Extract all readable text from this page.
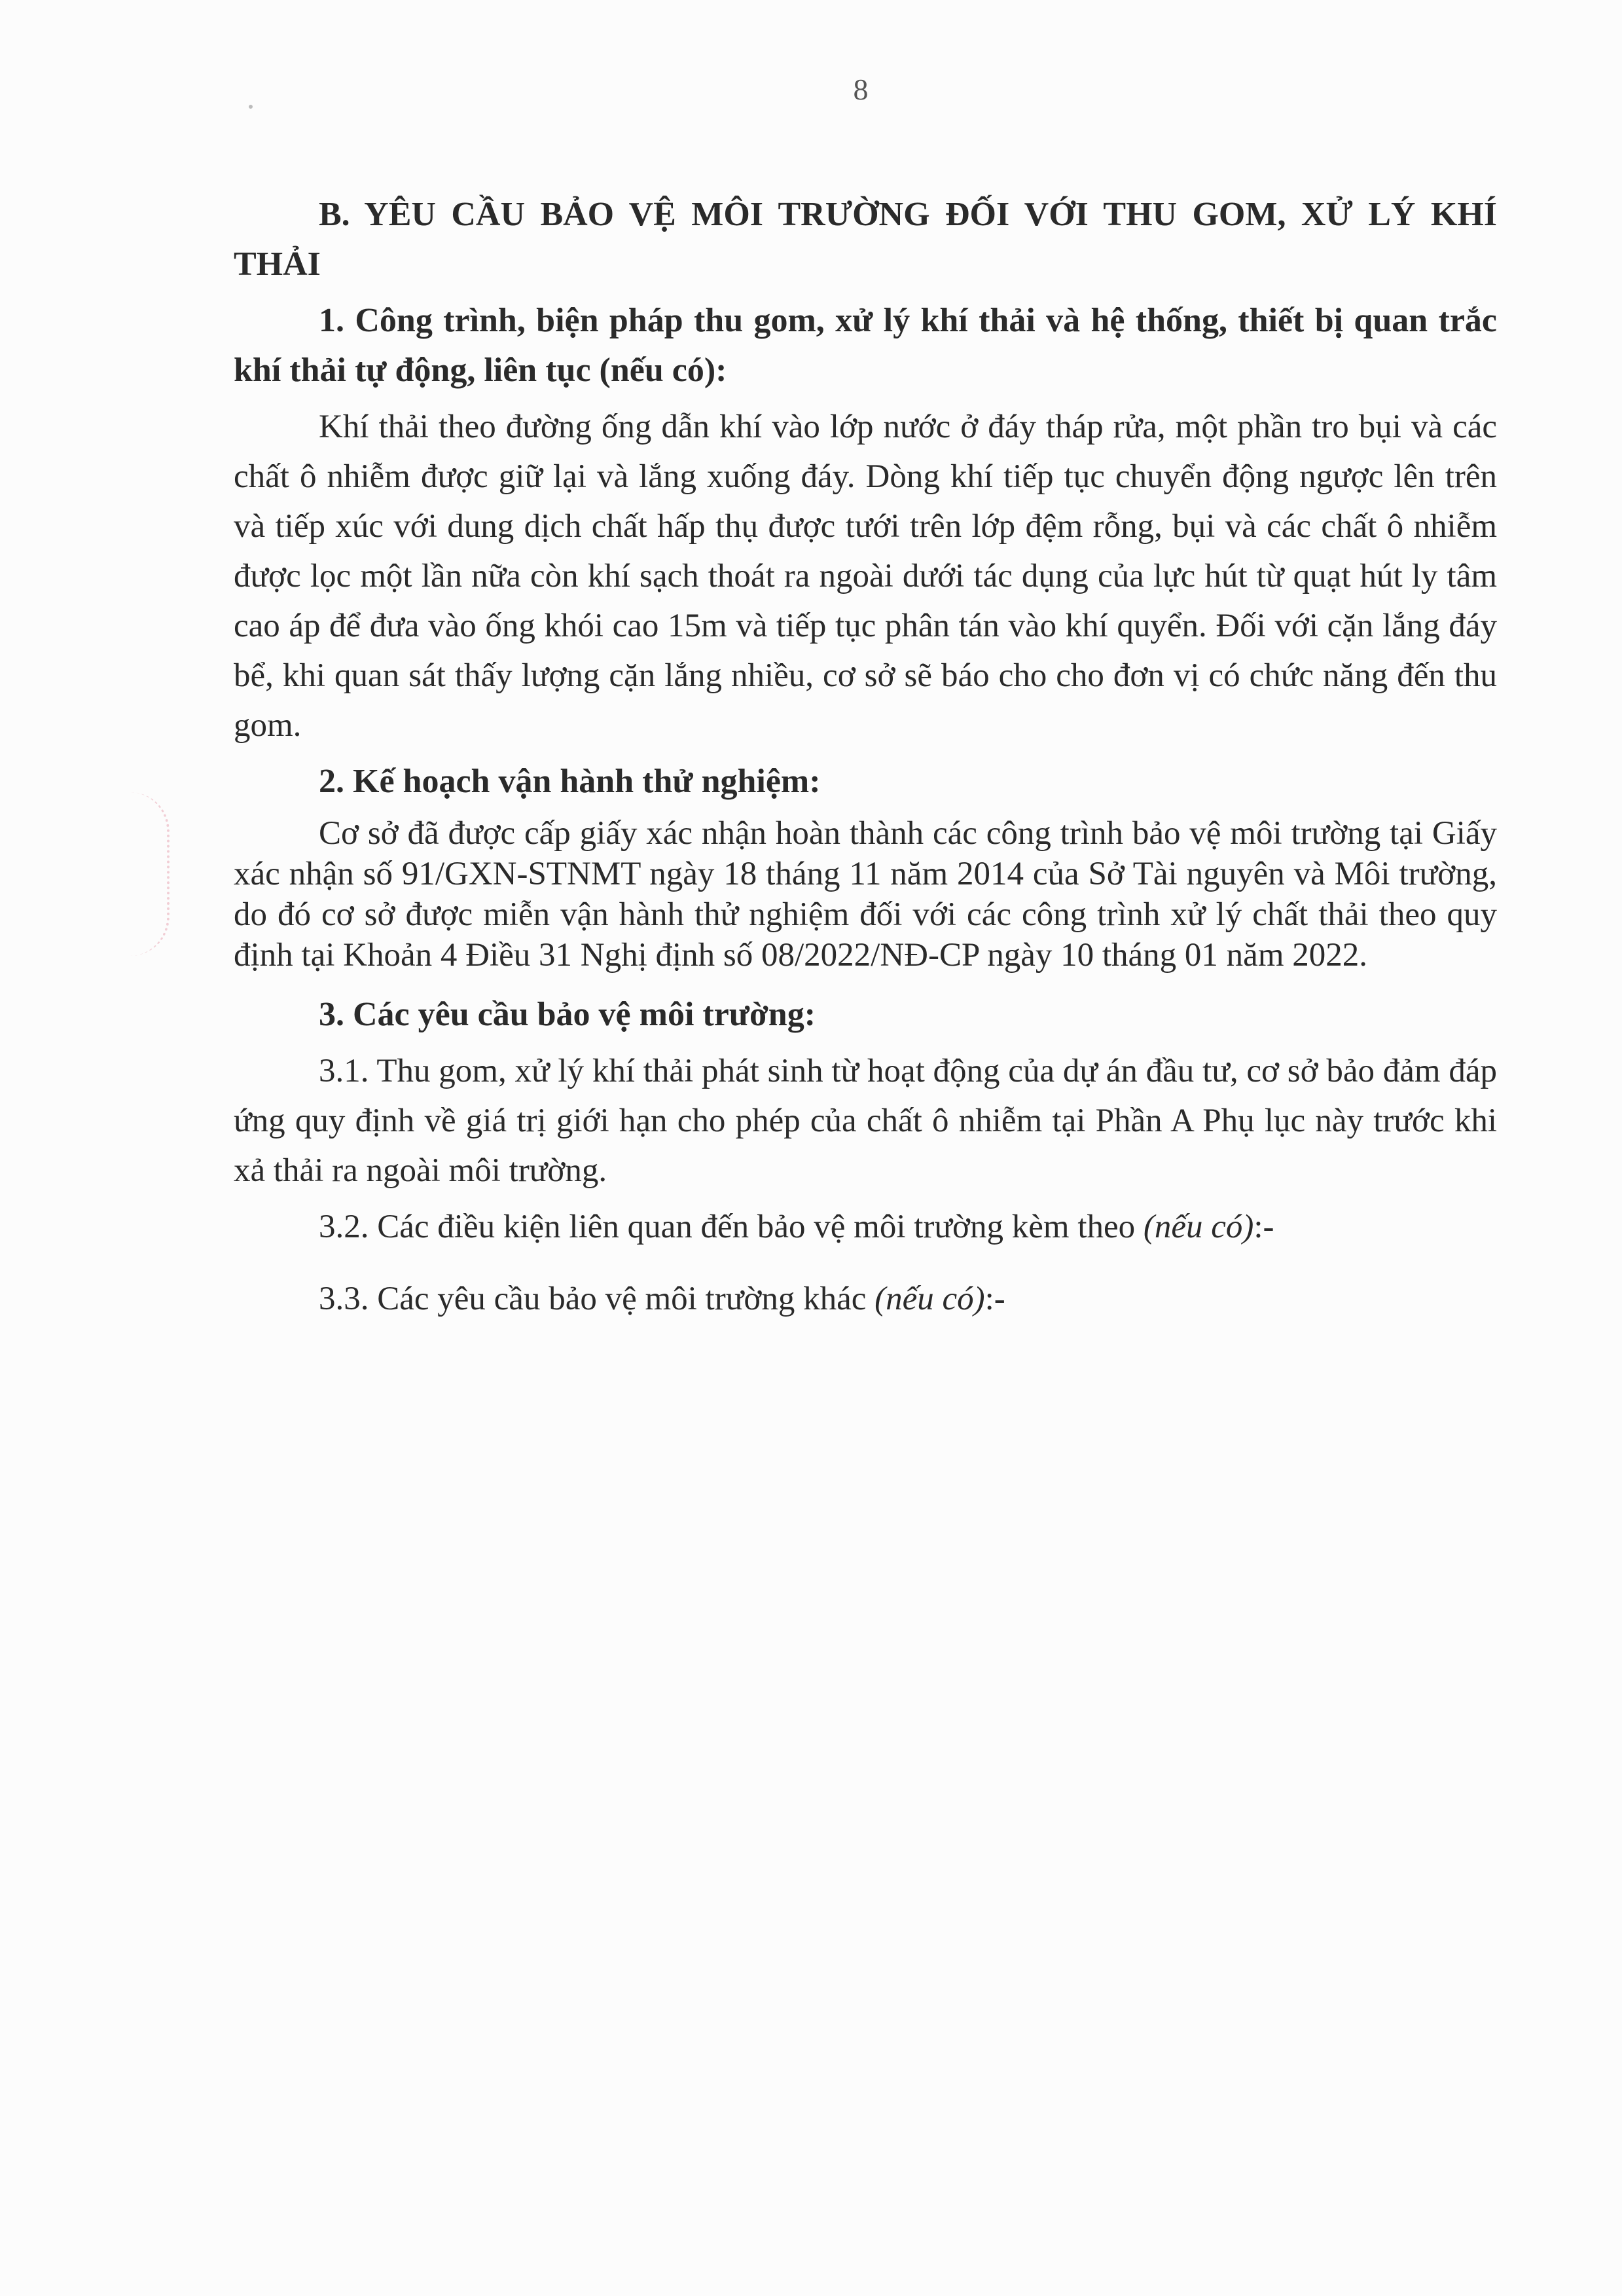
8

B. YÊU CẦU BẢO VỆ MÔI TRƯỜNG ĐỐI VỚI THU GOM, XỬ LÝ KHÍ THẢI

1. Công trình, biện pháp thu gom, xử lý khí thải và hệ thống, thiết bị quan trắc khí thải tự động, liên tục (nếu có):

Khí thải theo đường ống dẫn khí vào lớp nước ở đáy tháp rửa, một phần tro bụi và các chất ô nhiễm được giữ lại và lắng xuống đáy. Dòng khí tiếp tục chuyển động ngược lên trên và tiếp xúc với dung dịch chất hấp thụ được tưới trên lớp đệm rỗng, bụi và các chất ô nhiễm được lọc một lần nữa còn khí sạch thoát ra ngoài dưới tác dụng của lực hút từ quạt hút ly tâm cao áp để đưa vào ống khói cao 15m và tiếp tục phân tán vào khí quyển. Đối với cặn lắng đáy bể, khi quan sát thấy lượng cặn lắng nhiều, cơ sở sẽ báo cho cho đơn vị có chức năng đến thu gom.

2. Kế hoạch vận hành thử nghiệm:

Cơ sở đã được cấp giấy xác nhận hoàn thành các công trình bảo vệ môi trường tại Giấy xác nhận số 91/GXN-STNMT ngày 18 tháng 11 năm 2014 của Sở Tài nguyên và Môi trường, do đó cơ sở được miễn vận hành thử nghiệm đối với các công trình xử lý chất thải theo quy định tại Khoản 4 Điều 31 Nghị định số 08/2022/NĐ-CP ngày 10 tháng 01 năm 2022.

3. Các yêu cầu bảo vệ môi trường:

3.1. Thu gom, xử lý khí thải phát sinh từ hoạt động của dự án đầu tư, cơ sở bảo đảm đáp ứng quy định về giá trị giới hạn cho phép của chất ô nhiễm tại Phần A Phụ lục này trước khi xả thải ra ngoài môi trường.

3.2. Các điều kiện liên quan đến bảo vệ môi trường kèm theo (nếu có):-

3.3. Các yêu cầu bảo vệ môi trường khác (nếu có):-
